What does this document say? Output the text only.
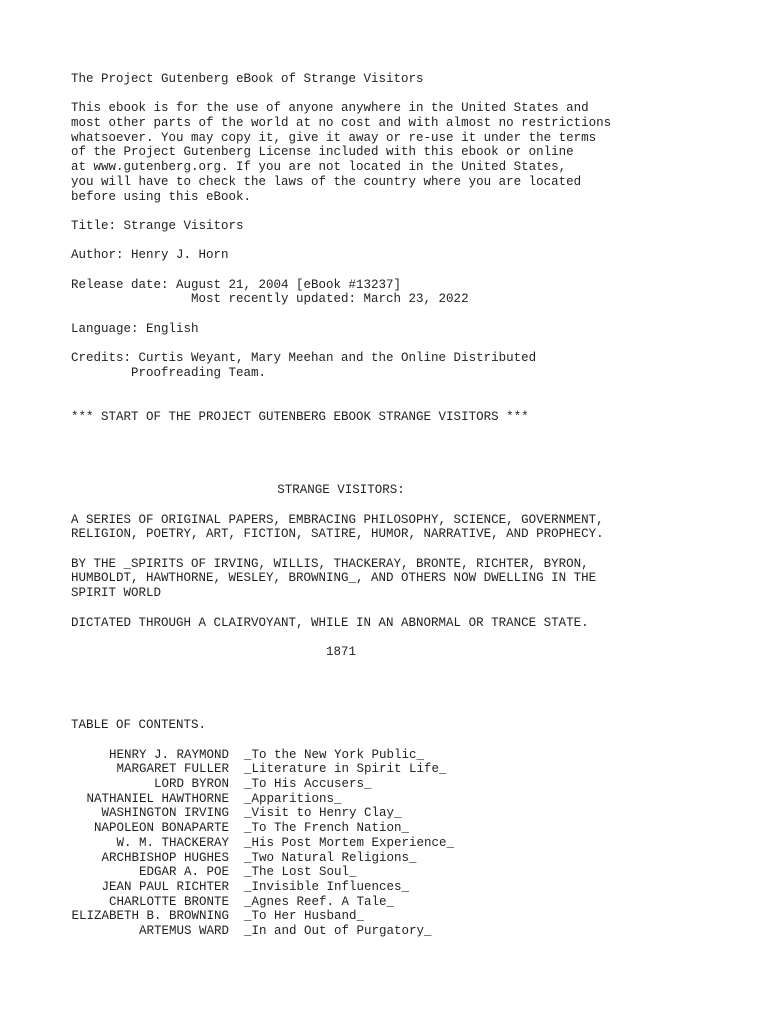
The Project Gutenberg eBook of Strange Visitors
This ebook is for the use of anyone anywhere in the United States and
most other parts of the world at no cost and with almost no restrictions
whatsoever. You may copy it, give it away or re-use it under the terms
of the Project Gutenberg License included with this ebook or online
at www.gutenberg.org. If you are not located in the United States,
you will have to check the laws of the country where you are located
before using this eBook.
Title: Strange Visitors
Author: Henry J. Horn
Release date: August 21, 2004 [eBook #13237]
Most recently updated: March 23, 2022
Language: English
Credits: Curtis Weyant, Mary Meehan and the Online Distributed
Proofreading Team.
*** START OF THE PROJECT GUTENBERG EBOOK STRANGE VISITORS ***
STRANGE VISITORS:
A SERIES OF ORIGINAL PAPERS, EMBRACING PHILOSOPHY, SCIENCE, GOVERNMENT,
RELIGION, POETRY, ART, FICTION, SATIRE, HUMOR, NARRATIVE, AND PROPHECY.
BY THE _SPIRITS OF IRVING, WILLIS, THACKERAY, BRONTE, RICHTER, BYRON,
HUMBOLDT, HAWTHORNE, WESLEY, BROWNING_, AND OTHERS NOW DWELLING IN THE
SPIRIT WORLD
DICTATED THROUGH A CLAIRVOYANT, WHILE IN AN ABNORMAL OR TRANCE STATE.
1871
TABLE OF CONTENTS.
HENRY J. RAYMOND	_To the New York Public_
MARGARET FULLER	_Literature in Spirit Life_
LORD BYRON	_To His Accusers_
NATHANIEL HAWTHORNE	_Apparitions_
WASHINGTON IRVING	_Visit to Henry Clay_
NAPOLEON BONAPARTE	_To The French Nation_
W. M. THACKERAY	_His Post Mortem Experience_
ARCHBISHOP HUGHES	_Two Natural Religions_
EDGAR A. POE	_The Lost Soul_
JEAN PAUL RICHTER	_Invisible Influences_
CHARLOTTE BRONTE	_Agnes Reef. A Tale_
ELIZABETH B. BROWNING	_To Her Husband_
ARTEMUS WARD	_In and Out of Purgatory_
